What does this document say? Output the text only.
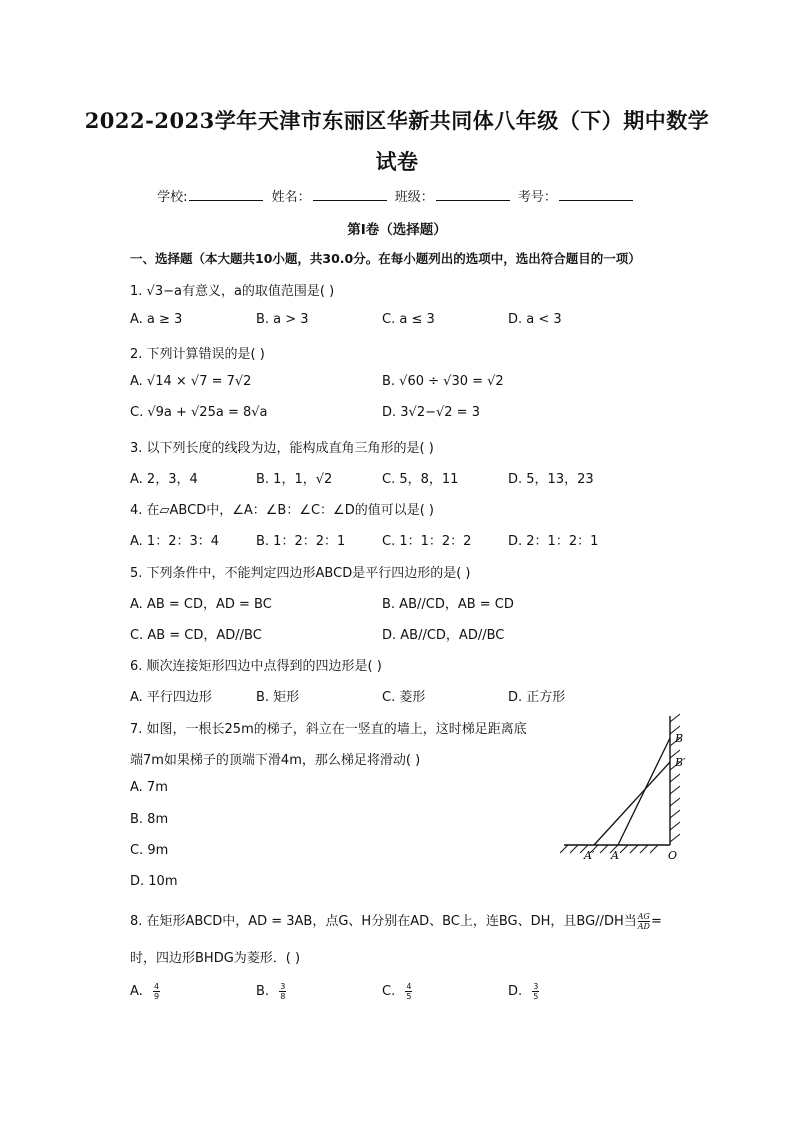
2022-2023学年天津市东丽区华新共同体八年级（下）期中数学
试卷
学校:	姓名：	班级：	考号：
第I卷（选择题）
一、选择题（本大题共10小题，共30.0分。在每小题列出的选项中，选出符合题目的一项）
1. √3−a有意义，a的取值范围是( )
A. a ≥ 3	B. a > 3	C. a ≤ 3	D. a < 3
2. 下列计算错误的是( )
A. √14 × √7 = 7√2	B. √60 ÷ √30 = √2
C. √9a + √25a = 8√a	D. 3√2−√2 = 3
3. 以下列长度的线段为边，能构成直角三角形的是( )
A. 2，3，4	B. 1，1，√2	C. 5，8，11	D. 5，13，23
4. 在▱ABCD中，∠A：∠B：∠C：∠D的值可以是( )
A. 1：2：3：4	B. 1：2：2：1	C. 1：1：2：2	D. 2：1：2：1
5. 下列条件中，不能判定四边形ABCD是平行四边形的是( )
A. AB = CD，AD = BC	B. AB//CD，AB = CD
C. AB = CD，AD//BC	D. AB//CD，AD//BC
6. 顺次连接矩形四边中点得到的四边形是( )
A. 平行四边形	B. 矩形	C. 菱形	D. 正方形
7. 如图，一根长25m的梯子，斜立在一竖直的墙上，这时梯足距离底
端7m如果梯子的顶端下滑4m，那么梯足将滑动( )
A. 7m
B. 8m
C. 9m
D. 10m
B
B′
A′ A	O
8. 在矩形ABCD中，AD = 3AB，点G、H分别在AD、BC上，连BG、DH，且BG//DH当 $\frac{AG}{AD}$ =
时，四边形BHDG为菱形．( )
A. $\frac{4}{9}$	B. $\frac{3}{8}$	C. $\frac{4}{5}$	D. $\frac{3}{5}$
